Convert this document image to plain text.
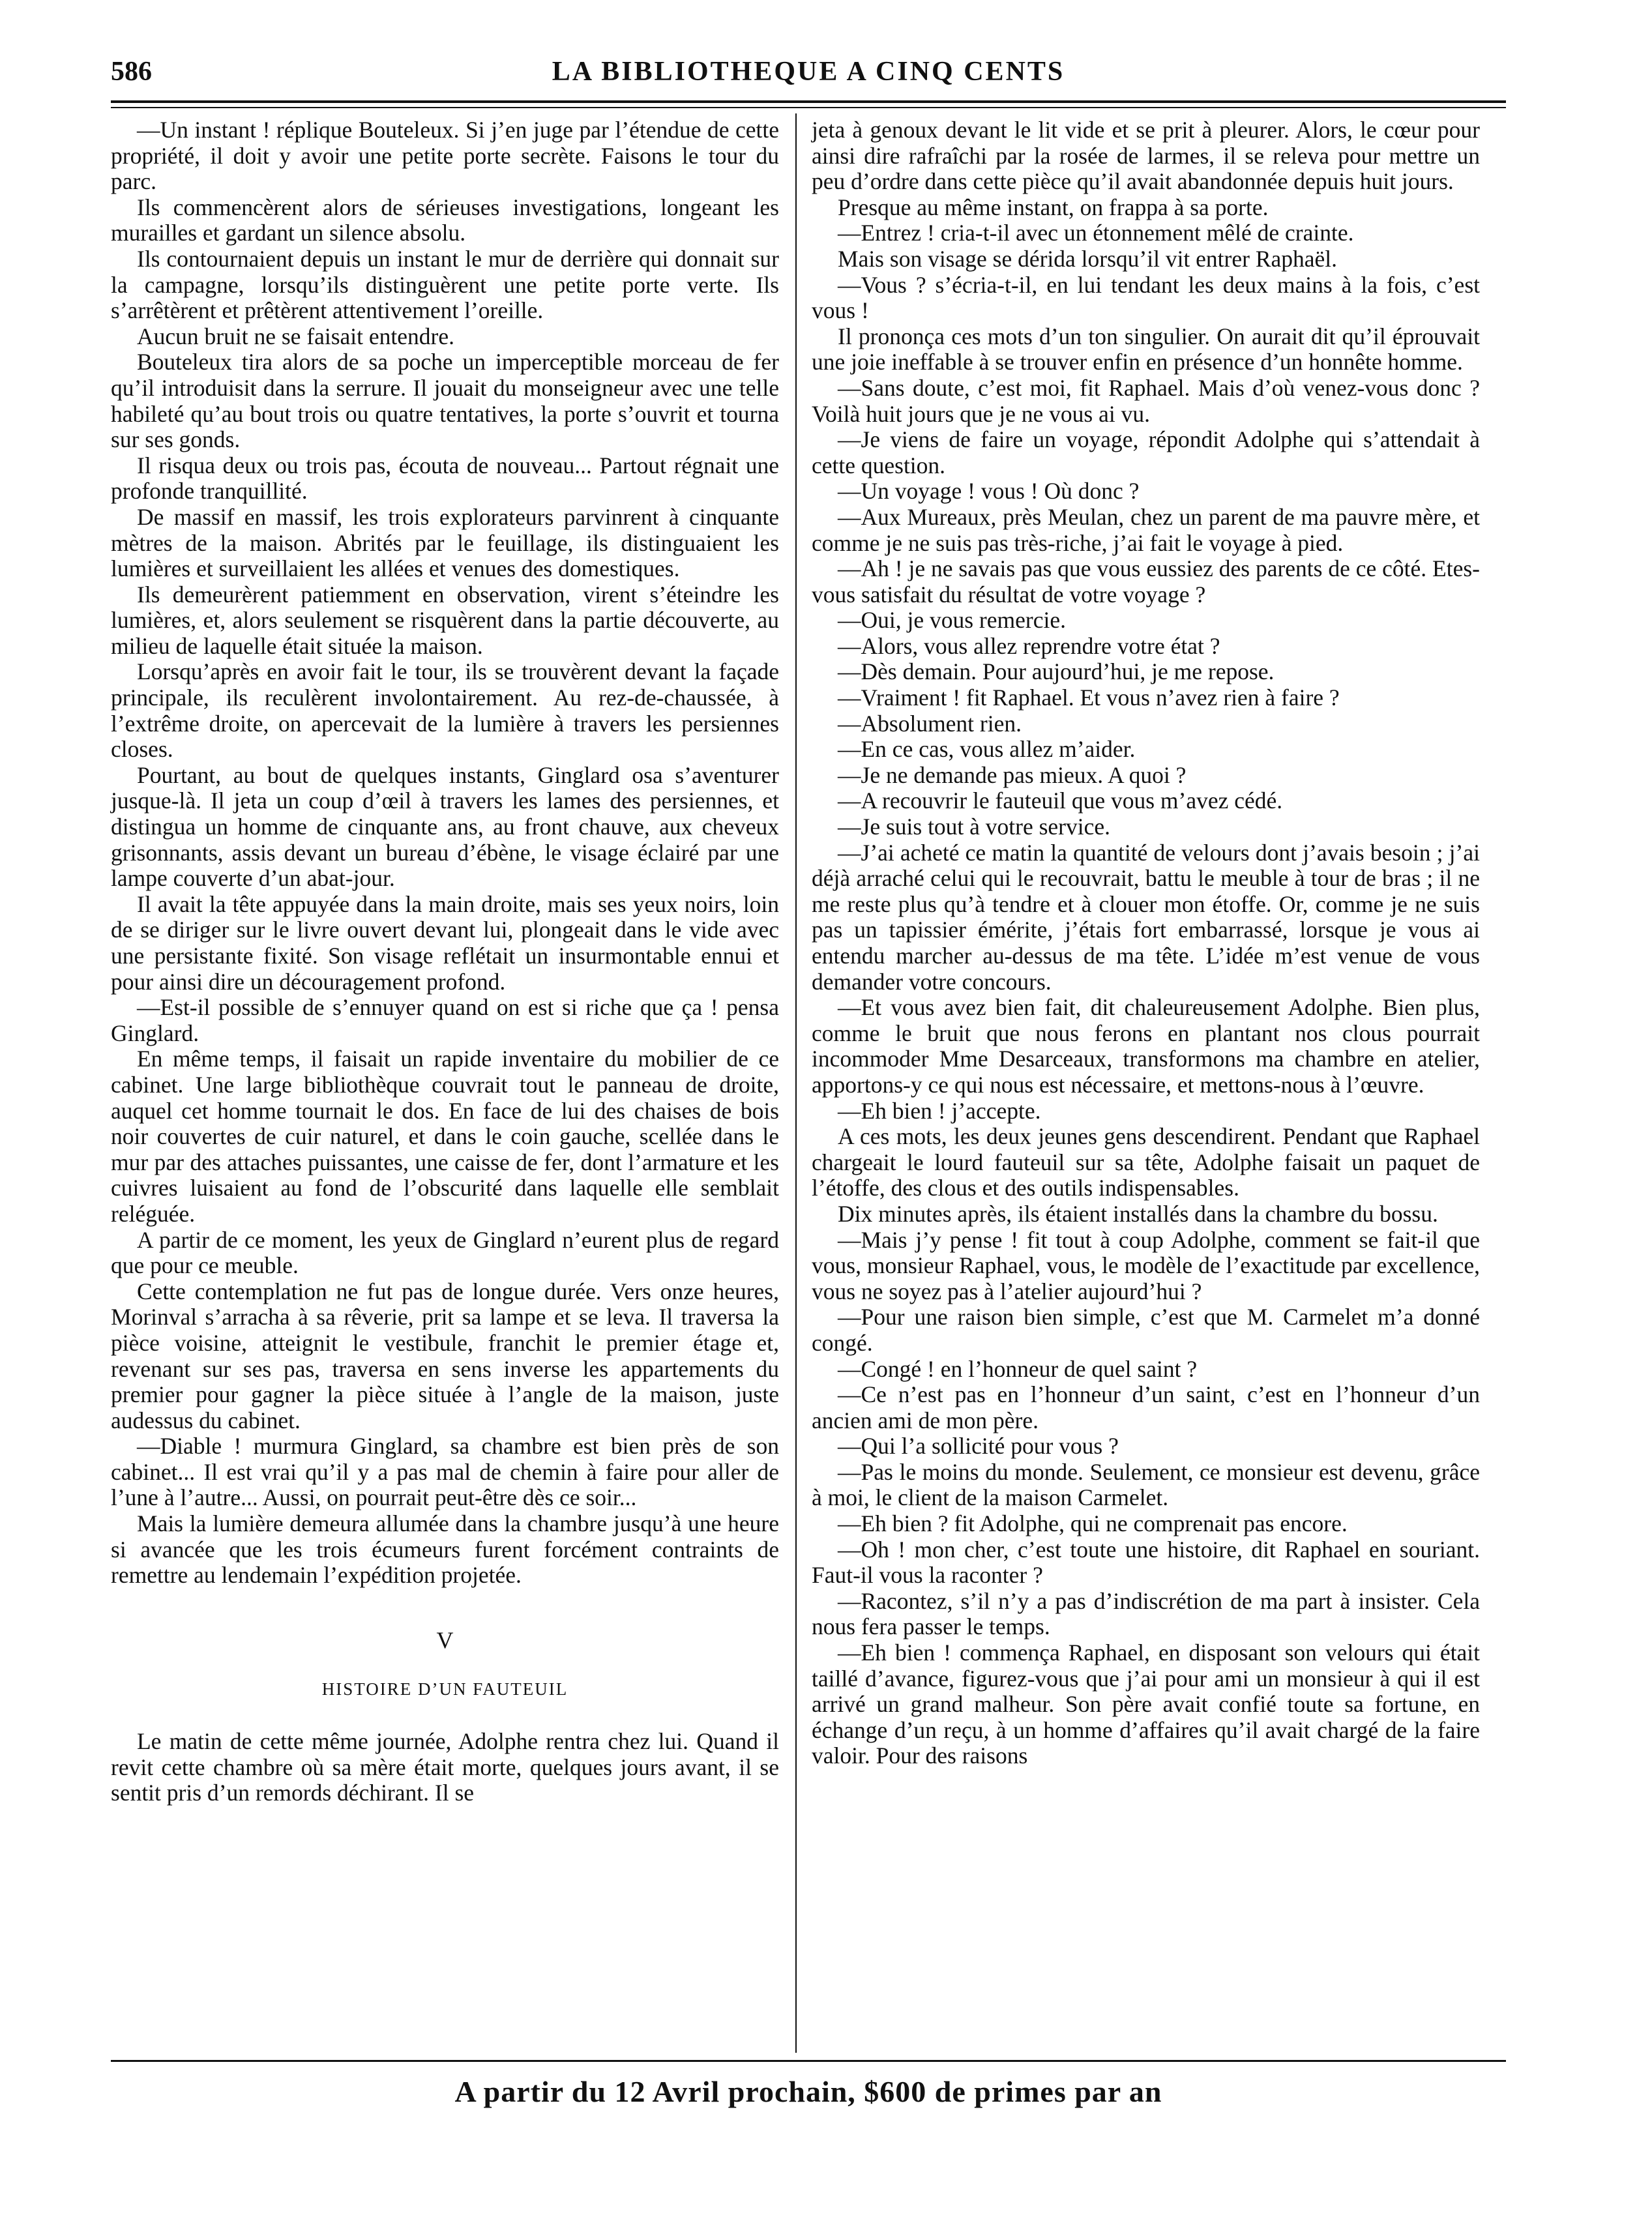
586	LA BIBLIOTHEQUE A CINQ CENTS

—Un instant ! réplique Bouteleux. Si j’en juge par l’étendue de cette propriété, il doit y avoir une petite porte secrète. Faisons le tour du parc.

Ils commencèrent alors de sérieuses investigations, longeant les murailles et gardant un silence absolu.

Ils contournaient depuis un instant le mur de derrière qui donnait sur la campagne, lorsqu’ils distinguèrent une petite porte verte. Ils s’arrêtèrent et prêtèrent attentivement l’oreille.

Aucun bruit ne se faisait entendre.

Bouteleux tira alors de sa poche un imperceptible morceau de fer qu’il introduisit dans la serrure. Il jouait du monseigneur avec une telle habileté qu’au bout trois ou quatre tentatives, la porte s’ouvrit et tourna sur ses gonds.

Il risqua deux ou trois pas, écouta de nouveau... Partout régnait une profonde tranquillité.

De massif en massif, les trois explorateurs parvinrent à cinquante mètres de la maison. Abrités par le feuillage, ils distinguaient les lumières et surveillaient les allées et venues des domestiques.

Ils demeurèrent patiemment en observation, virent s’éteindre les lumières, et, alors seulement se risquèrent dans la partie découverte, au milieu de laquelle était située la maison.

Lorsqu’après en avoir fait le tour, ils se trouvèrent devant la façade principale, ils reculèrent involontairement. Au rez-de-chaussée, à l’extrême droite, on apercevait de la lumière à travers les persiennes closes.

Pourtant, au bout de quelques instants, Ginglard osa s’aventurer jusque-là. Il jeta un coup d’œil à travers les lames des persiennes, et distingua un homme de cinquante ans, au front chauve, aux cheveux grisonnants, assis devant un bureau d’ébène, le visage éclairé par une lampe couverte d’un abat-jour.

Il avait la tête appuyée dans la main droite, mais ses yeux noirs, loin de se diriger sur le livre ouvert devant lui, plongeait dans le vide avec une persistante fixité. Son visage reflétait un insurmontable ennui et pour ainsi dire un découragement profond.

—Est-il possible de s’ennuyer quand on est si riche que ça ! pensa Ginglard.

En même temps, il faisait un rapide inventaire du mobilier de ce cabinet. Une large bibliothèque couvrait tout le panneau de droite, auquel cet homme tournait le dos. En face de lui des chaises de bois noir couvertes de cuir naturel, et dans le coin gauche, scellée dans le mur par des attaches puissantes, une caisse de fer, dont l’armature et les cuivres luisaient au fond de l’obscurité dans laquelle elle semblait reléguée.

A partir de ce moment, les yeux de Ginglard n’eurent plus de regard que pour ce meuble.

Cette contemplation ne fut pas de longue durée. Vers onze heures, Morinval s’arracha à sa rêverie, prit sa lampe et se leva. Il traversa la pièce voisine, atteignit le vestibule, franchit le premier étage et, revenant sur ses pas, traversa en sens inverse les appartements du premier pour gagner la pièce située à l’angle de la maison, juste audessus du cabinet.

—Diable ! murmura Ginglard, sa chambre est bien près de son cabinet... Il est vrai qu’il y a pas mal de chemin à faire pour aller de l’une à l’autre... Aussi, on pourrait peut-être dès ce soir...

Mais la lumière demeura allumée dans la chambre jusqu’à une heure si avancée que les trois écumeurs furent forcément contraints de remettre au lendemain l’expédition projetée.

V

HISTOIRE D’UN FAUTEUIL

Le matin de cette même journée, Adolphe rentra chez lui. Quand il revit cette chambre où sa mère était morte, quelques jours avant, il se sentit pris d’un remords déchirant. Il se

jeta à genoux devant le lit vide et se prit à pleurer. Alors, le cœur pour ainsi dire rafraîchi par la rosée de larmes, il se releva pour mettre un peu d’ordre dans cette pièce qu’il avait abandonnée depuis huit jours.

Presque au même instant, on frappa à sa porte.

—Entrez ! cria-t-il avec un étonnement mêlé de crainte.

Mais son visage se dérida lorsqu’il vit entrer Raphaël.

—Vous ? s’écria-t-il, en lui tendant les deux mains à la fois, c’est vous !

Il prononça ces mots d’un ton singulier. On aurait dit qu’il éprouvait une joie ineffable à se trouver enfin en présence d’un honnête homme.

—Sans doute, c’est moi, fit Raphael. Mais d’où venez-vous donc ? Voilà huit jours que je ne vous ai vu.

—Je viens de faire un voyage, répondit Adolphe qui s’attendait à cette question.

—Un voyage ! vous ! Où donc ?

—Aux Mureaux, près Meulan, chez un parent de ma pauvre mère, et comme je ne suis pas très-riche, j’ai fait le voyage à pied.

—Ah ! je ne savais pas que vous eussiez des parents de ce côté. Etes-vous satisfait du résultat de votre voyage ?

—Oui, je vous remercie.

—Alors, vous allez reprendre votre état ?

—Dès demain. Pour aujourd’hui, je me repose.

—Vraiment ! fit Raphael. Et vous n’avez rien à faire ?

—Absolument rien.

—En ce cas, vous allez m’aider.

—Je ne demande pas mieux. A quoi ?

—A recouvrir le fauteuil que vous m’avez cédé.

—Je suis tout à votre service.

—J’ai acheté ce matin la quantité de velours dont j’avais besoin ; j’ai déjà arraché celui qui le recouvrait, battu le meuble à tour de bras ; il ne me reste plus qu’à tendre et à clouer mon étoffe. Or, comme je ne suis pas un tapissier émérite, j’étais fort embarrassé, lorsque je vous ai entendu marcher au-dessus de ma tête. L’idée m’est venue de vous demander votre concours.

—Et vous avez bien fait, dit chaleureusement Adolphe. Bien plus, comme le bruit que nous ferons en plantant nos clous pourrait incommoder Mme Desarceaux, transformons ma chambre en atelier, apportons-y ce qui nous est nécessaire, et mettons-nous à l’œuvre.

—Eh bien ! j’accepte.

A ces mots, les deux jeunes gens descendirent. Pendant que Raphael chargeait le lourd fauteuil sur sa tête, Adolphe faisait un paquet de l’étoffe, des clous et des outils indispensables.

Dix minutes après, ils étaient installés dans la chambre du bossu.

—Mais j’y pense ! fit tout à coup Adolphe, comment se fait-il que vous, monsieur Raphael, vous, le modèle de l’exactitude par excellence, vous ne soyez pas à l’atelier aujourd’hui ?

—Pour une raison bien simple, c’est que M. Carmelet m’a donné congé.

—Congé ! en l’honneur de quel saint ?

—Ce n’est pas en l’honneur d’un saint, c’est en l’honneur d’un ancien ami de mon père.

—Qui l’a sollicité pour vous ?

—Pas le moins du monde. Seulement, ce monsieur est devenu, grâce à moi, le client de la maison Carmelet.

—Eh bien ? fit Adolphe, qui ne comprenait pas encore.

—Oh ! mon cher, c’est toute une histoire, dit Raphael en souriant. Faut-il vous la raconter ?

—Racontez, s’il n’y a pas d’indiscrétion de ma part à insister. Cela nous fera passer le temps.

—Eh bien ! commença Raphael, en disposant son velours qui était taillé d’avance, figurez-vous que j’ai pour ami un monsieur à qui il est arrivé un grand malheur. Son père avait confié toute sa fortune, en échange d’un reçu, à un homme d’affaires qu’il avait chargé de la faire valoir. Pour des raisons

A partir du 12 Avril prochain, $600 de primes par an
